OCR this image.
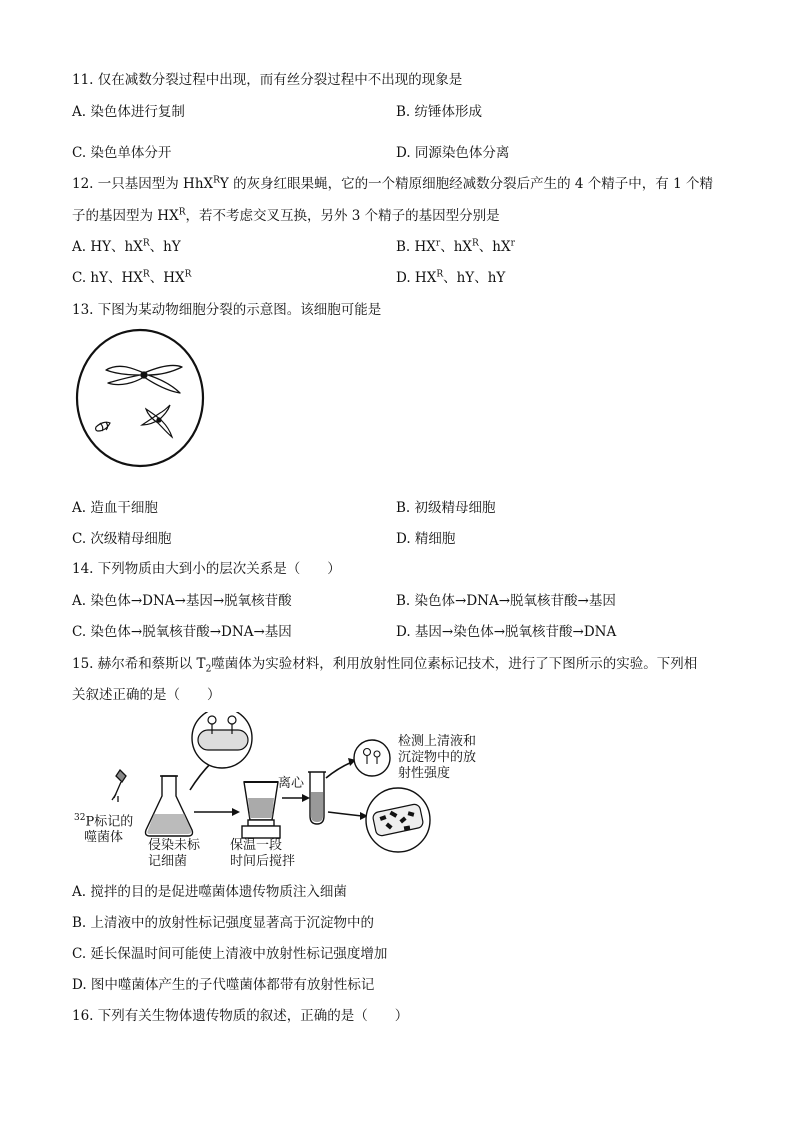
11. 仅在减数分裂过程中出现，而有丝分裂过程中不出现的现象是
A. 染色体进行复制	B. 纺锤体形成
C. 染色单体分开	D. 同源染色体分离
12. 一只基因型为 HhX$^R$Y 的灰身红眼果蝇，它的一个精原细胞经减数分裂后产生的 4 个精子中，有 1 个精
子的基因型为 $HX^R$，若不考虑交叉互换，另外 3 个精子的基因型分别是
A. HY、$hX^R$、hY	B. $HX^r$、$hX^R$、$hX^r$
C. hY、$HX^R$、$HX^R$	D. $HX^R$、hY、hY
13. 下图为某动物细胞分裂的示意图。该细胞可能是
A. 造血干细胞	B. 初级精母细胞
C. 次级精母细胞	D. 精细胞
14. 下列物质由大到小的层次关系是（　　）
A. 染色体→DNA→基因→脱氧核苷酸	B. 染色体→DNA→脱氧核苷酸→基因
C. 染色体→脱氧核苷酸→DNA→基因	D. 基因→染色体→脱氧核苷酸→DNA
15. 赫尔希和蔡斯以 $T_2$噬菌体为实验材料，利用放射性同位素标记技术，进行了下图所示的实验。下列相
关叙述正确的是（　　）
$^{32}$P标记的
噬菌体
侵染未标
记细菌
保温一段
时间后搅拌
离心
检测上清液和
沉淀物中的放
射性强度
A. 搅拌的目的是促进噬菌体遗传物质注入细菌
B. 上清液中的放射性标记强度显著高于沉淀物中的
C. 延长保温时间可能使上清液中放射性标记强度增加
D. 图中噬菌体产生的子代噬菌体都带有放射性标记
16. 下列有关生物体遗传物质的叙述，正确的是（　　）
